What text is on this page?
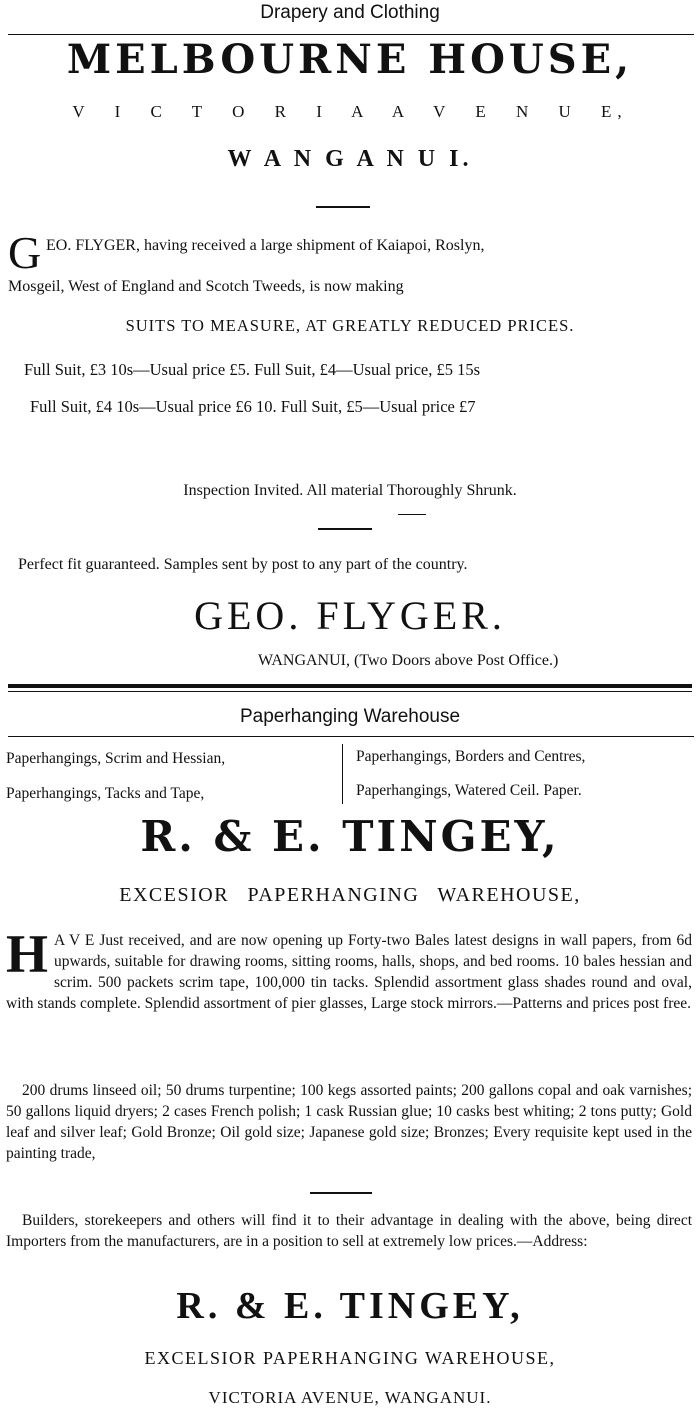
Drapery and Clothing
MELBOURNE HOUSE,
V I C T O R I A A V E N U E,
W A N G A N U I.
G EO. FLYGER, having received a large shipment of Kaiapoi, Roslyn,
Mosgeil, West of England and Scotch Tweeds, is now making
SUITS TO MEASURE, AT GREATLY REDUCED PRICES.
Full Suit, £3 10s—Usual price £5. Full Suit, £4—Usual price, £5 15s
Full Suit, £4 10s—Usual price £6 10. Full Suit, £5—Usual price £7
Inspection Invited. All material Thoroughly Shrunk.
Perfect fit guaranteed. Samples sent by post to any part of the country.
GEO. FLYGER.
WANGANUI, (Two Doors above Post Office.)
Paperhanging Warehouse
Paperhangings, Scrim and Hessian,
Paperhangings, Tacks and Tape,
Paperhangings, Borders and Centres,
Paperhangings, Watered Ceil. Paper.
R. & E. TINGEY,
EXCESIOR PAPERHANGING WAREHOUSE,
H A V E Just received, and are now opening up Forty-two Bales latest designs in wall papers, from 6d upwards, suitable for drawing rooms, sitting rooms, halls, shops, and bed rooms. 10 bales hessian and scrim. 500 packets scrim tape, 100,000 tin tacks. Splendid assortment glass shades round and oval, with stands complete. Splendid assortment of pier glasses, Large stock mirrors.—Patterns and prices post free.
200 drums linseed oil; 50 drums turpentine; 100 kegs assorted paints; 200 gallons copal and oak varnishes; 50 gallons liquid dryers; 2 cases French polish; 1 cask Russian glue; 10 casks best whiting; 2 tons putty; Gold leaf and silver leaf; Gold Bronze; Oil gold size; Japanese gold size; Bronzes; Every requisite kept used in the painting trade,
Builders, storekeepers and others will find it to their advantage in dealing with the above, being direct Importers from the manufacturers, are in a position to sell at extremely low prices.—Address:
R. & E. TINGEY,
EXCELSIOR PAPERHANGING WAREHOUSE,
VICTORIA AVENUE, WANGANUI.
